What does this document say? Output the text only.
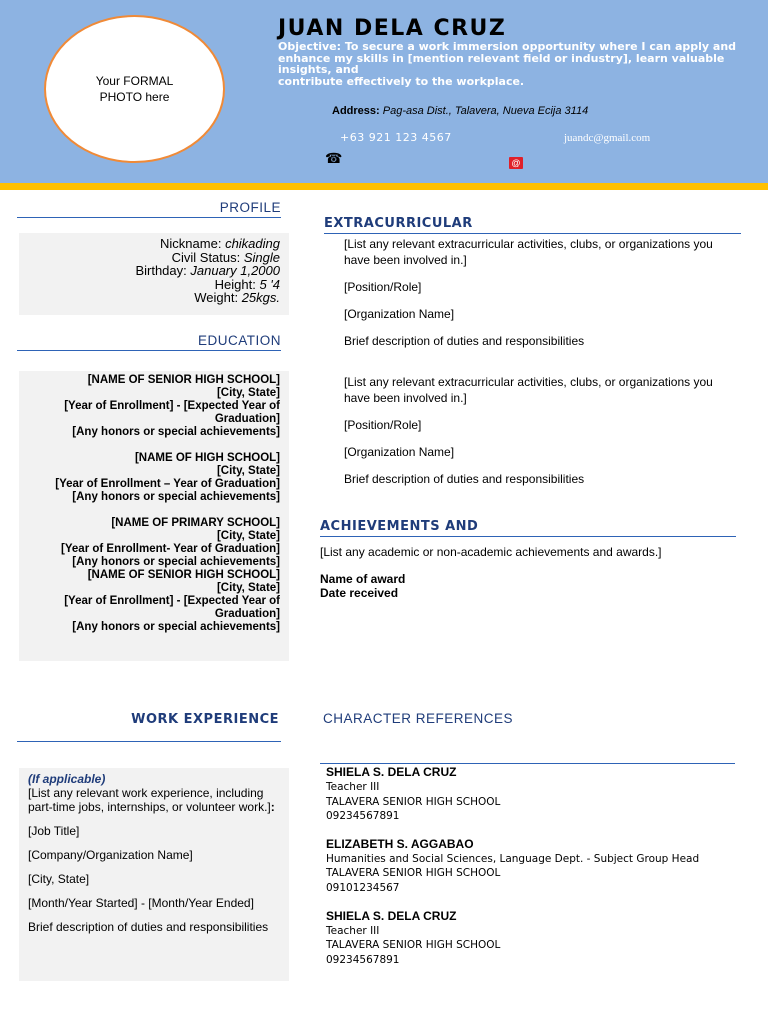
Your FORMAL PHOTO here
JUAN DELA CRUZ
Objective: To secure a work immersion opportunity where I can apply and
enhance my skills in [mention relevant field or industry], learn valuable
insights, and
contribute effectively to the workplace.
Address: Pag-asa Dist., Talavera, Nueva Ecija 3114
+63 921 123 4567	juandc@gmail.com
☎	@
PROFILE
Nickname: chikading
Civil Status: Single
Birthday: January 1,2000
Height: 5 '4
Weight: 25kgs.
EDUCATION
[NAME OF SENIOR HIGH SCHOOL]
[City, State]
[Year of Enrollment] - [Expected Year of
Graduation]
[Any honors or special achievements]
[NAME OF HIGH SCHOOL]
[City, State]
[Year of Enrollment – Year of Graduation]
[Any honors or special achievements]
[NAME OF PRIMARY SCHOOL]
[City, State]
[Year of Enrollment- Year of Graduation]
[Any honors or special achievements]
[NAME OF SENIOR HIGH SCHOOL]
[City, State]
[Year of Enrollment] - [Expected Year of
Graduation]
[Any honors or special achievements]
WORK EXPERIENCE
(If applicable)

[List any relevant work experience, including part-time jobs, internships, or volunteer work.]:

[Job Title]

[Company/Organization Name]

[City, State]

[Month/Year Started] - [Month/Year Ended]

Brief description of duties and responsibilities

EXTRACURRICULAR

[List any relevant extracurricular activities, clubs, or organizations you have been involved in.]

[Position/Role]

[Organization Name]

Brief description of duties and responsibilities

[List any relevant extracurricular activities, clubs, or organizations you have been involved in.]

[Position/Role]

[Organization Name]

Brief description of duties and responsibilities

ACHIEVEMENTS AND
[List any academic or non-academic achievements and awards.]
Name of award
Date received
CHARACTER REFERENCES
SHIELA S. DELA CRUZ
Teacher III
TALAVERA SENIOR HIGH SCHOOL
09234567891
ELIZABETH S. AGGABAO
Humanities and Social Sciences, Language Dept. - Subject Group Head
TALAVERA SENIOR HIGH SCHOOL
09101234567
SHIELA S. DELA CRUZ
Teacher III
TALAVERA SENIOR HIGH SCHOOL
09234567891
